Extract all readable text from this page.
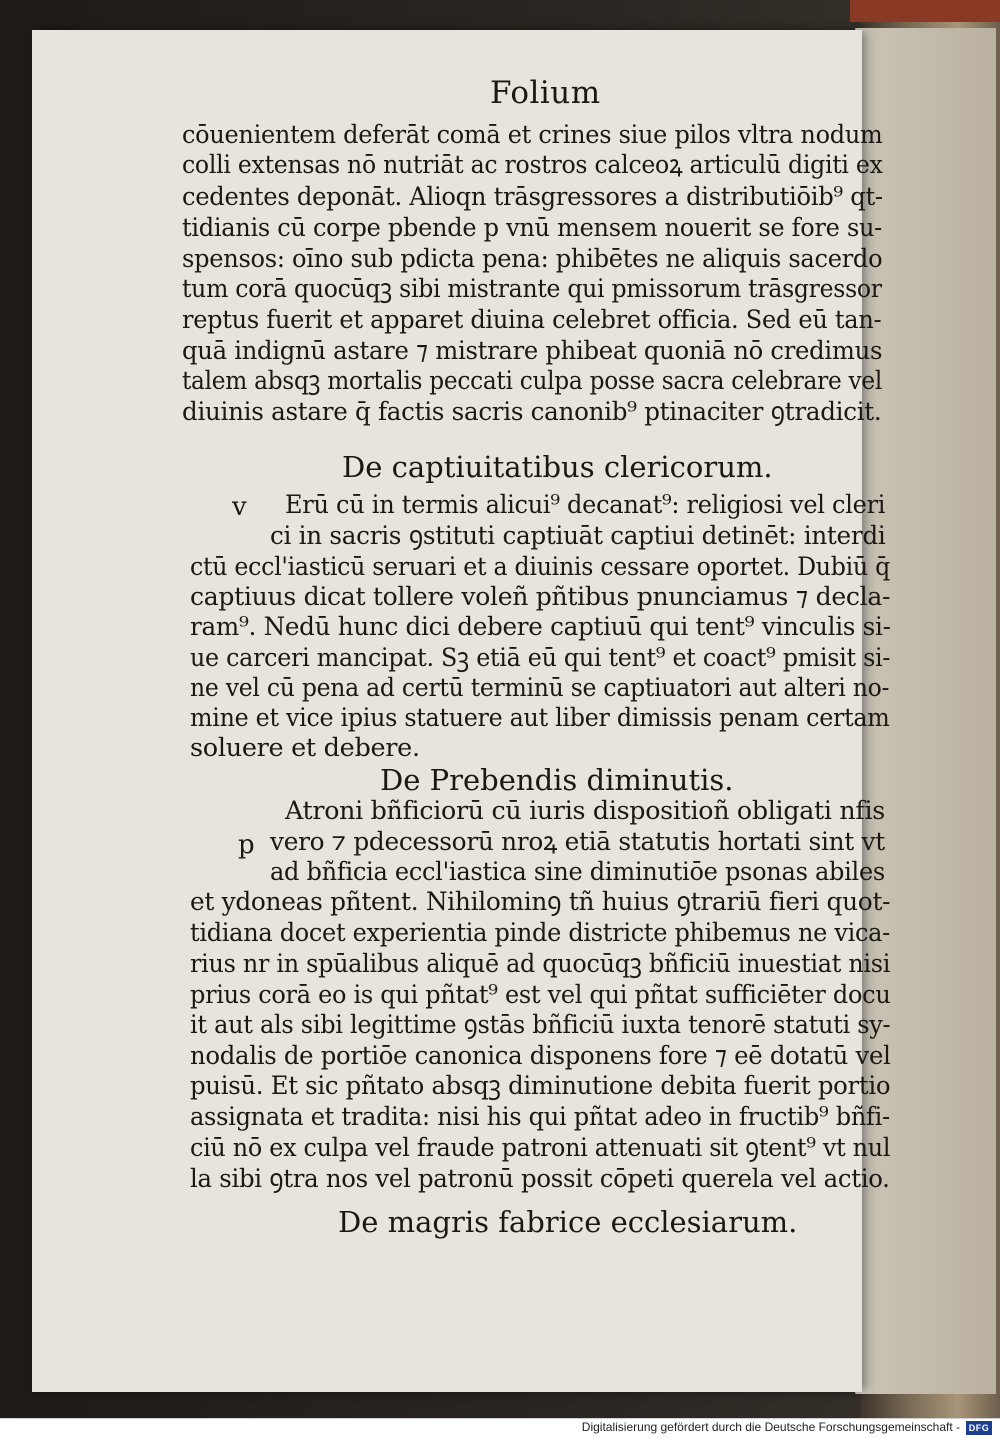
Folium
cōuenientem deferāt comā et crines siue pilos vltra nodum
colli extensas nō nutriāt ac rostros calceoꝝ articulū digiti ex
cedentes deponāt. Alioqn trāsgressores a distributiōib⁹ qt-
tidianis cū corpe pbende p vnū mensem nouerit se fore su-
spensos: oīno sub pdicta pena: phibētes ne aliquis sacerdo
tum corā quocūqꝫ sibi mistrante qui pmissorum trāsgressor
reptus fuerit et apparet diuina celebret officia. Sed eū tan-
quā indignū astare ⁊ mistrare phibeat quoniā nō credimus
talem absqꝫ mortalis peccati culpa posse sacra celebrare vel
diuinis astare q̄ factis sacris canonib⁹ ptinaciter ꝯtradicit.
De captiuitatibus clericorum.
v Erū cū in termis alicui⁹ decanat⁹: religiosi vel cleri
ci in sacris ꝯstituti captiuāt captiui detinēt: interdi
ctū eccl'iasticū seruari et a diuinis cessare oportet. Dubiū q̄
captiuus dicat tollere voleñ pñtibus pnunciamus ⁊ decla-
ram⁹. Nedū hunc dici debere captiuū qui tent⁹ vinculis si-
ue carceri mancipat. Sꝫ etiā eū qui tent⁹ et coact⁹ pmisit si-
ne vel cū pena ad certū terminū se captiuatori aut alteri no-
mine et vice ipius statuere aut liber dimissis penam certam
soluere et debere.
De Prebendis diminutis.
p
Atroni bñficiorū cū iuris dispositioñ obligati nfis
vero ⁊ pdecessorū nroꝝ etiā statutis hortati sint vt
ad bñficia eccl'iastica sine diminutiōe psonas abiles
et ydoneas pñtent. Nihilominꝯ tñ huius ꝯtrariū fieri quot-
tidiana docet experientia pinde districte phibemus ne vica-
rius nr in spūalibus aliquē ad quocūqꝫ bñficiū inuestiat nisi
prius corā eo is qui pñtat⁹ est vel qui pñtat sufficiēter docu
it aut als sibi legittime ꝯstās bñficiū iuxta tenorē statuti sy-
nodalis de portiōe canonica disponens fore ⁊ eē dotatū vel
puisū. Et sic pñtato absqꝫ diminutione debita fuerit portio
assignata et tradita: nisi his qui pñtat adeo in fructib⁹ bñfi-
ciū nō ex culpa vel fraude patroni attenuati sit ꝯtent⁹ vt nul
la sibi ꝯtra nos vel patronū possit cōpeti querela vel actio.
De magris fabrice ecclesiarum.
Digitalisierung gefördert durch die Deutsche Forschungsgemeinschaft - DFG
